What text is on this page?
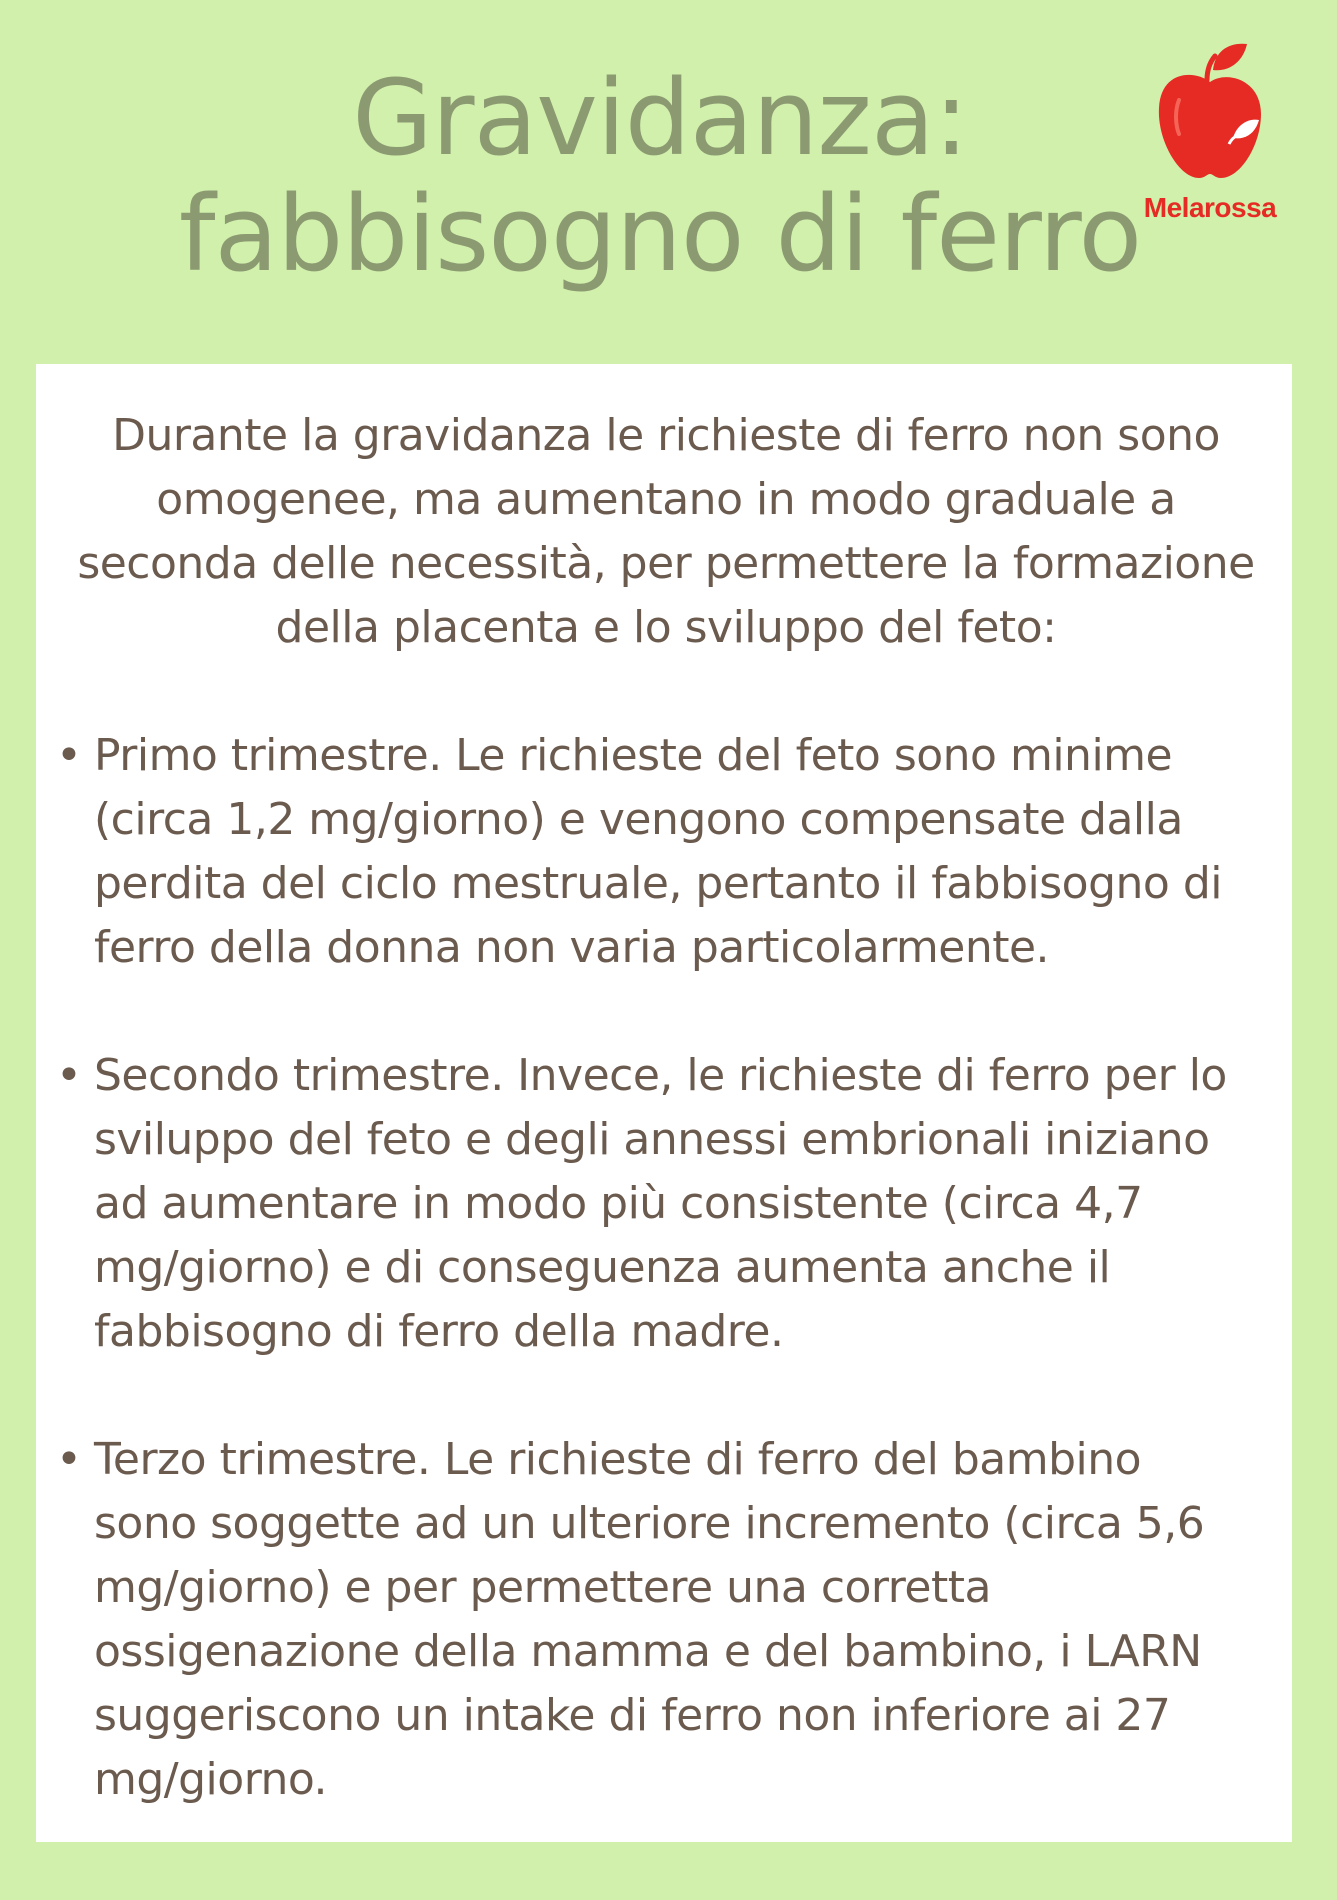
Gravidanza:
fabbisogno di ferro Melarossa
Durante la gravidanza le richieste di ferro non sono omogenee, ma aumentano in modo graduale a seconda delle necessità, per permettere la formazione della placenta e lo sviluppo del feto:
• Primo trimestre. Le richieste del feto sono minime (circa 1,2 mg/giorno) e vengono compensate dalla perdita del ciclo mestruale, pertanto il fabbisogno di ferro della donna non varia particolarmente.
• Secondo trimestre. Invece, le richieste di ferro per lo sviluppo del feto e degli annessi embrionali iniziano ad aumentare in modo più consistente (circa 4,7 mg/giorno) e di conseguenza aumenta anche il fabbisogno di ferro della madre.
• Terzo trimestre. Le richieste di ferro del bambino sono soggette ad un ulteriore incremento (circa 5,6 mg/giorno) e per permettere una corretta ossigenazione della mamma e del bambino, i LARN suggeriscono un intake di ferro non inferiore ai 27 mg/giorno.
